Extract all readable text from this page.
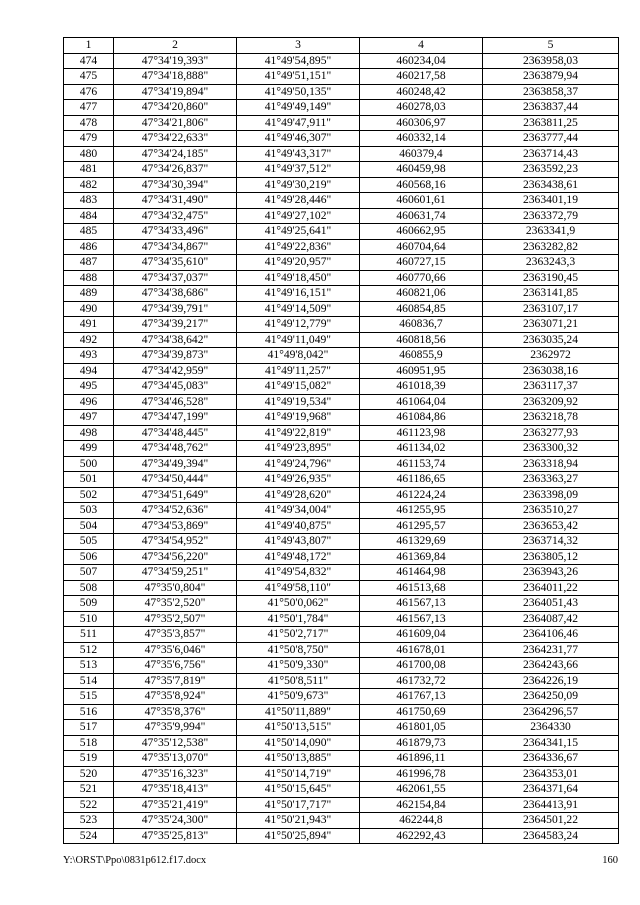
1	2	3	4	5
474	47°34'19,393"	41°49'54,895"	460234,04	2363958,03
475	47°34'18,888"	41°49'51,151"	460217,58	2363879,94
476	47°34'19,894"	41°49'50,135"	460248,42	2363858,37
477	47°34'20,860"	41°49'49,149"	460278,03	2363837,44
478	47°34'21,806"	41°49'47,911"	460306,97	2363811,25
479	47°34'22,633"	41°49'46,307"	460332,14	2363777,44
480	47°34'24,185"	41°49'43,317"	460379,4	2363714,43
481	47°34'26,837"	41°49'37,512"	460459,98	2363592,23
482	47°34'30,394"	41°49'30,219"	460568,16	2363438,61
483	47°34'31,490"	41°49'28,446"	460601,61	2363401,19
484	47°34'32,475"	41°49'27,102"	460631,74	2363372,79
485	47°34'33,496"	41°49'25,641"	460662,95	2363341,9
486	47°34'34,867"	41°49'22,836"	460704,64	2363282,82
487	47°34'35,610"	41°49'20,957"	460727,15	2363243,3
488	47°34'37,037"	41°49'18,450"	460770,66	2363190,45
489	47°34'38,686"	41°49'16,151"	460821,06	2363141,85
490	47°34'39,791"	41°49'14,509"	460854,85	2363107,17
491	47°34'39,217"	41°49'12,779"	460836,7	2363071,21
492	47°34'38,642"	41°49'11,049"	460818,56	2363035,24
493	47°34'39,873"	41°49'8,042"	460855,9	2362972
494	47°34'42,959"	41°49'11,257"	460951,95	2363038,16
495	47°34'45,083"	41°49'15,082"	461018,39	2363117,37
496	47°34'46,528"	41°49'19,534"	461064,04	2363209,92
497	47°34'47,199"	41°49'19,968"	461084,86	2363218,78
498	47°34'48,445"	41°49'22,819"	461123,98	2363277,93
499	47°34'48,762"	41°49'23,895"	461134,02	2363300,32
500	47°34'49,394"	41°49'24,796"	461153,74	2363318,94
501	47°34'50,444"	41°49'26,935"	461186,65	2363363,27
502	47°34'51,649"	41°49'28,620"	461224,24	2363398,09
503	47°34'52,636"	41°49'34,004"	461255,95	2363510,27
504	47°34'53,869"	41°49'40,875"	461295,57	2363653,42
505	47°34'54,952"	41°49'43,807"	461329,69	2363714,32
506	47°34'56,220"	41°49'48,172"	461369,84	2363805,12
507	47°34'59,251"	41°49'54,832"	461464,98	2363943,26
508	47°35'0,804"	41°49'58,110"	461513,68	2364011,22
509	47°35'2,520"	41°50'0,062"	461567,13	2364051,43
510	47°35'2,507"	41°50'1,784"	461567,13	2364087,42
511	47°35'3,857"	41°50'2,717"	461609,04	2364106,46
512	47°35'6,046"	41°50'8,750"	461678,01	2364231,77
513	47°35'6,756"	41°50'9,330"	461700,08	2364243,66
514	47°35'7,819"	41°50'8,511"	461732,72	2364226,19
515	47°35'8,924"	41°50'9,673"	461767,13	2364250,09
516	47°35'8,376"	41°50'11,889"	461750,69	2364296,57
517	47°35'9,994"	41°50'13,515"	461801,05	2364330
518	47°35'12,538"	41°50'14,090"	461879,73	2364341,15
519	47°35'13,070"	41°50'13,885"	461896,11	2364336,67
520	47°35'16,323"	41°50'14,719"	461996,78	2364353,01
521	47°35'18,413"	41°50'15,645"	462061,55	2364371,64
522	47°35'21,419"	41°50'17,717"	462154,84	2364413,91
523	47°35'24,300"	41°50'21,943"	462244,8	2364501,22
524	47°35'25,813"	41°50'25,894"	462292,43	2364583,24
Y:\ORST\Ppo\0831p612.f17.docx	160
